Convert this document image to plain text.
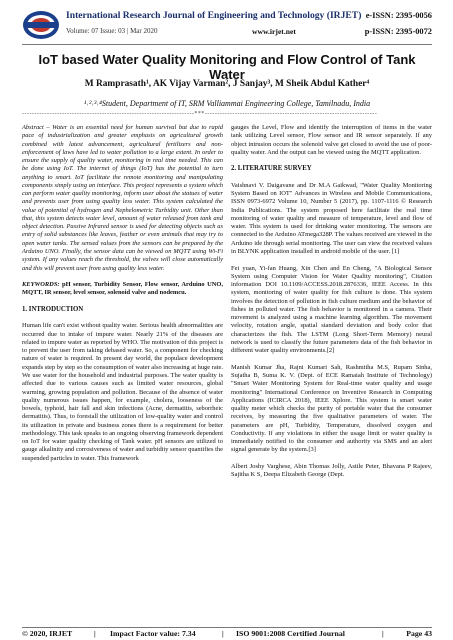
International Research Journal of Engineering and Technology (IRJET) e-ISSN: 2395-0056
Volume: 07 Issue: 03 | Mar 2020	www.irjet.net	p-ISSN: 2395-0072
IoT based Water Quality Monitoring and Flow Control of Tank Water
M Ramprasath¹, AK Vijay Varman², J Sanjay³, M Sheik Abdul Kather⁴
¹˒²˒³˒⁴Student, Department of IT, SRM Valliammai Engineering College, Tamilnadu, India
---------------------------------------------------------------------***---------------------------------------------------------------------

Abstract – Water is an essential need for human survival but due to rapid pace of industrialization and greater emphasis on agricultural growth combined with latest advancement, agricultural fertilizers and non-enforcement of laws have led to water pollution to a large extent. In order to ensure the supply of quality water, monitoring in real time needed. This can be done using IoT. The internet of things (IoT) has the potential to turn anything to smart. IoT facilitate the remote monitoring and manipulating components simply using an interface. This project represents a system which can perform water quality monitoring, inform user about the statues of water and prevents user from using quality less water. This system calculated the value of potential of hydrogen and Nephelometric Turbidity unit. Other than that, this system detects water level, amount of water released from tank and object detection. Passive Infrared sensor is used for detecting objects such as entry of solid substances like leaves, feather or even animals that may try to open water tanks. The sensed values from the sensors can be prepared by the Arduino UNO. Finally, the sensor data can be viewed on MQTT using Wi-Fi system. If any values reach the threshold, the valves will close automatically and this will prevent user from using quality less water.

KEYWORDS: pH sensor, Turbidity Sensor, Flow sensor, Arduino UNO, MQTT, IR sensor, level sensor, solenoid valve and nodemcu.

1. INTRODUCTION

Human life can't exist without quality water. Serious health abnormalities are occurred due to intake of impure water. Nearly 21% of the diseases are related to impure water as reported by WHO. The motivation of this project is to prevent the user from taking debased water. So, a component for checking nature of water is required. In present day world, the populace development expands step by step so the consumption of water also increasing at huge rate. We use water for the household and industrial purposes. The water quality is affected due to various causes such as limited water resources, global warming, growing population and pollution. Because of the absence of water quality numerous issues happen, for example, cholera, looseness of the bowels, typhoid, hair fall and skin infections (Acne, dermatitis, seborrheic dermatitis). Thus, to forestall the utilization of low-quality water and control its utilization in private and business zones there is a requirement for better methodology. This task speaks to an ongoing observing framework dependent on IoT for water quality checking of Tank water. pH sensors are utilized to gauge alkalinity and corrosiveness of water and turbidity sensor quantifies the suspended particles in water. This framework

gauges the Level, Flow and identify the interruption of items in the water tank utilizing Level sensor, Flow sensor and IR sensor separately. If any object intrusion occurs the solenoid valve get closed to avoid the use of poor-quality water. And the output can be viewed using the MQTT application.

2. LITERATURE SURVEY

Vaishnavi V. Daigavane and Dr M.A Gaikwad, "Water Quality Monitoring System Based on IOT" Advances in Wireless and Mobile Communications, ISSN 0973-6972 Volume 10, Number 5 (2017), pp. 1107-1116 © Research India Publications. The system proposed here facilitate the real time monitoring of water quality and measure of temperature, level and flow of water. This system is used for drinking water monitoring. The sensors are connected to the Arduino ATmega328P. The values received are viewed in the Arduino ide through serial monitoring. The user can view the received values in BLYNK application installed in android mobile of the user. [1]

Fei yuan, Yi-fan Huang, Xin Chen and En Cheng, "A Biological Sensor System using Computer Vision for Water Quality monitoring", Citation information DOI 10.1109/ACCESS.2018.2876336, IEEE Access. In this system, monitoring of water quality for fish culture is done. This system involves the detection of pollution in fish culture medium and the behavior of fishes in polluted water. The fish behavior is monitored in a camera. Their movement is analyzed using a machine learning algorithm. The movement velocity, rotation angle, spatial standard deviation and body color that characterizes the fish. The LSTM (Long Short-Term Memory) neural network is used to classify the future parameters data of the fish behavior in different water quality environments.[2]

Manish Kumar Jha, Rajni Kumari Sah, Rashmitha M.S, Rupam Sinha, Sujatha B, Suma K. V. (Dept. of ECE Ramaiah Institute of Technology) "Smart Water Monitoring System for Real-time water quality and usage monitoring" International Conference on Inventive Research in Computing Applications (ICIRCA 2018), IEEE Xplore. This system is smart water quality meter which checks the purity of portable water that the consumer receives, by measuring the five qualitative parameters of water. The parameters are pH, Turbidity, Temperature, dissolved oxygen and Conductivity. If any violations in either the usage limit or water quality is immediately notified to the consumer and authority via SMS and an alert signal generate by the system.[3]

Albert Joshy Varghese, Abin Thomas Jolly, Astile Peter, Bhavana P Rajeev, Sajitha K S, Deepa Elizabeth George (Dept.

© 2020, IRJET	| Impact Factor value: 7.34	| ISO 9001:2008 Certified Journal	|	Page 43
